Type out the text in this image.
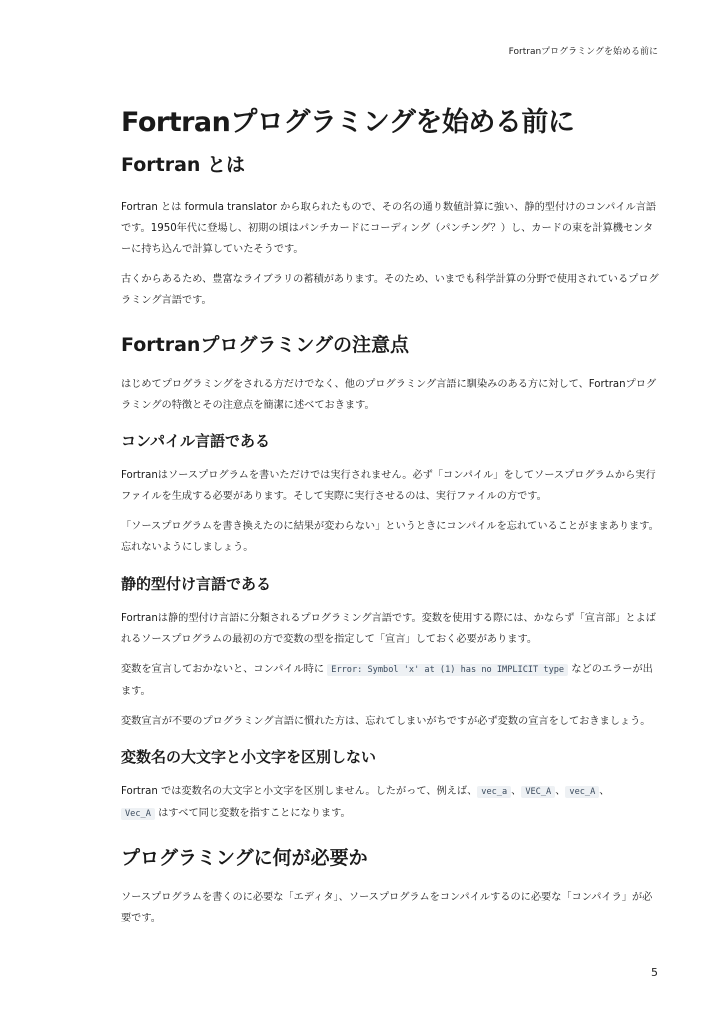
Fortranプログラミングを始める前に
Fortranプログラミングを始める前に
Fortran とは

Fortran とは formula translator から取られたもので、その名の通り数値計算に強い、静的型付けのコンパイル言語です。1950年代に登場し、初期の頃はパンチカードにコーディング（パンチング？）し、カードの束を計算機センターに持ち込んで計算していたそうです。

古くからあるため、豊富なライブラリの蓄積があります。そのため、いまでも科学計算の分野で使用されているプログラミング言語です。

Fortranプログラミングの注意点

はじめてプログラミングをされる方だけでなく、他のプログラミング言語に馴染みのある方に対して、Fortranプログラミングの特徴とその注意点を簡潔に述べておきます。

コンパイル言語である

Fortranはソースプログラムを書いただけでは実行されません。必ず「コンパイル」をしてソースプログラムから実行ファイルを生成する必要があります。そして実際に実行させるのは、実行ファイルの方です。

「ソースプログラムを書き換えたのに結果が変わらない」というときにコンパイルを忘れていることがままあります。忘れないようにしましょう。

静的型付け言語である

Fortranは静的型付け言語に分類されるプログラミング言語です。変数を使用する際には、かならず「宣言部」とよばれるソースプログラムの最初の方で変数の型を指定して「宣言」しておく必要があります。

変数を宣言しておかないと、コンパイル時に Error: Symbol 'x' at (1) has no IMPLICIT type などのエラーが出ます。

変数宣言が不要のプログラミング言語に慣れた方は、忘れてしまいがちですが必ず変数の宣言をしておきましょう。

変数名の大文字と小文字を区別しない

Fortran では変数名の大文字と小文字を区別しません。したがって、例えば、 vec_a 、 VEC_A 、 vec_A 、
Vec_A はすべて同じ変数を指すことになります。

プログラミングに何が必要か

ソースプログラムを書くのに必要な「エディタ」、ソースプログラムをコンパイルするのに必要な「コンパイラ」が必要です。

5
